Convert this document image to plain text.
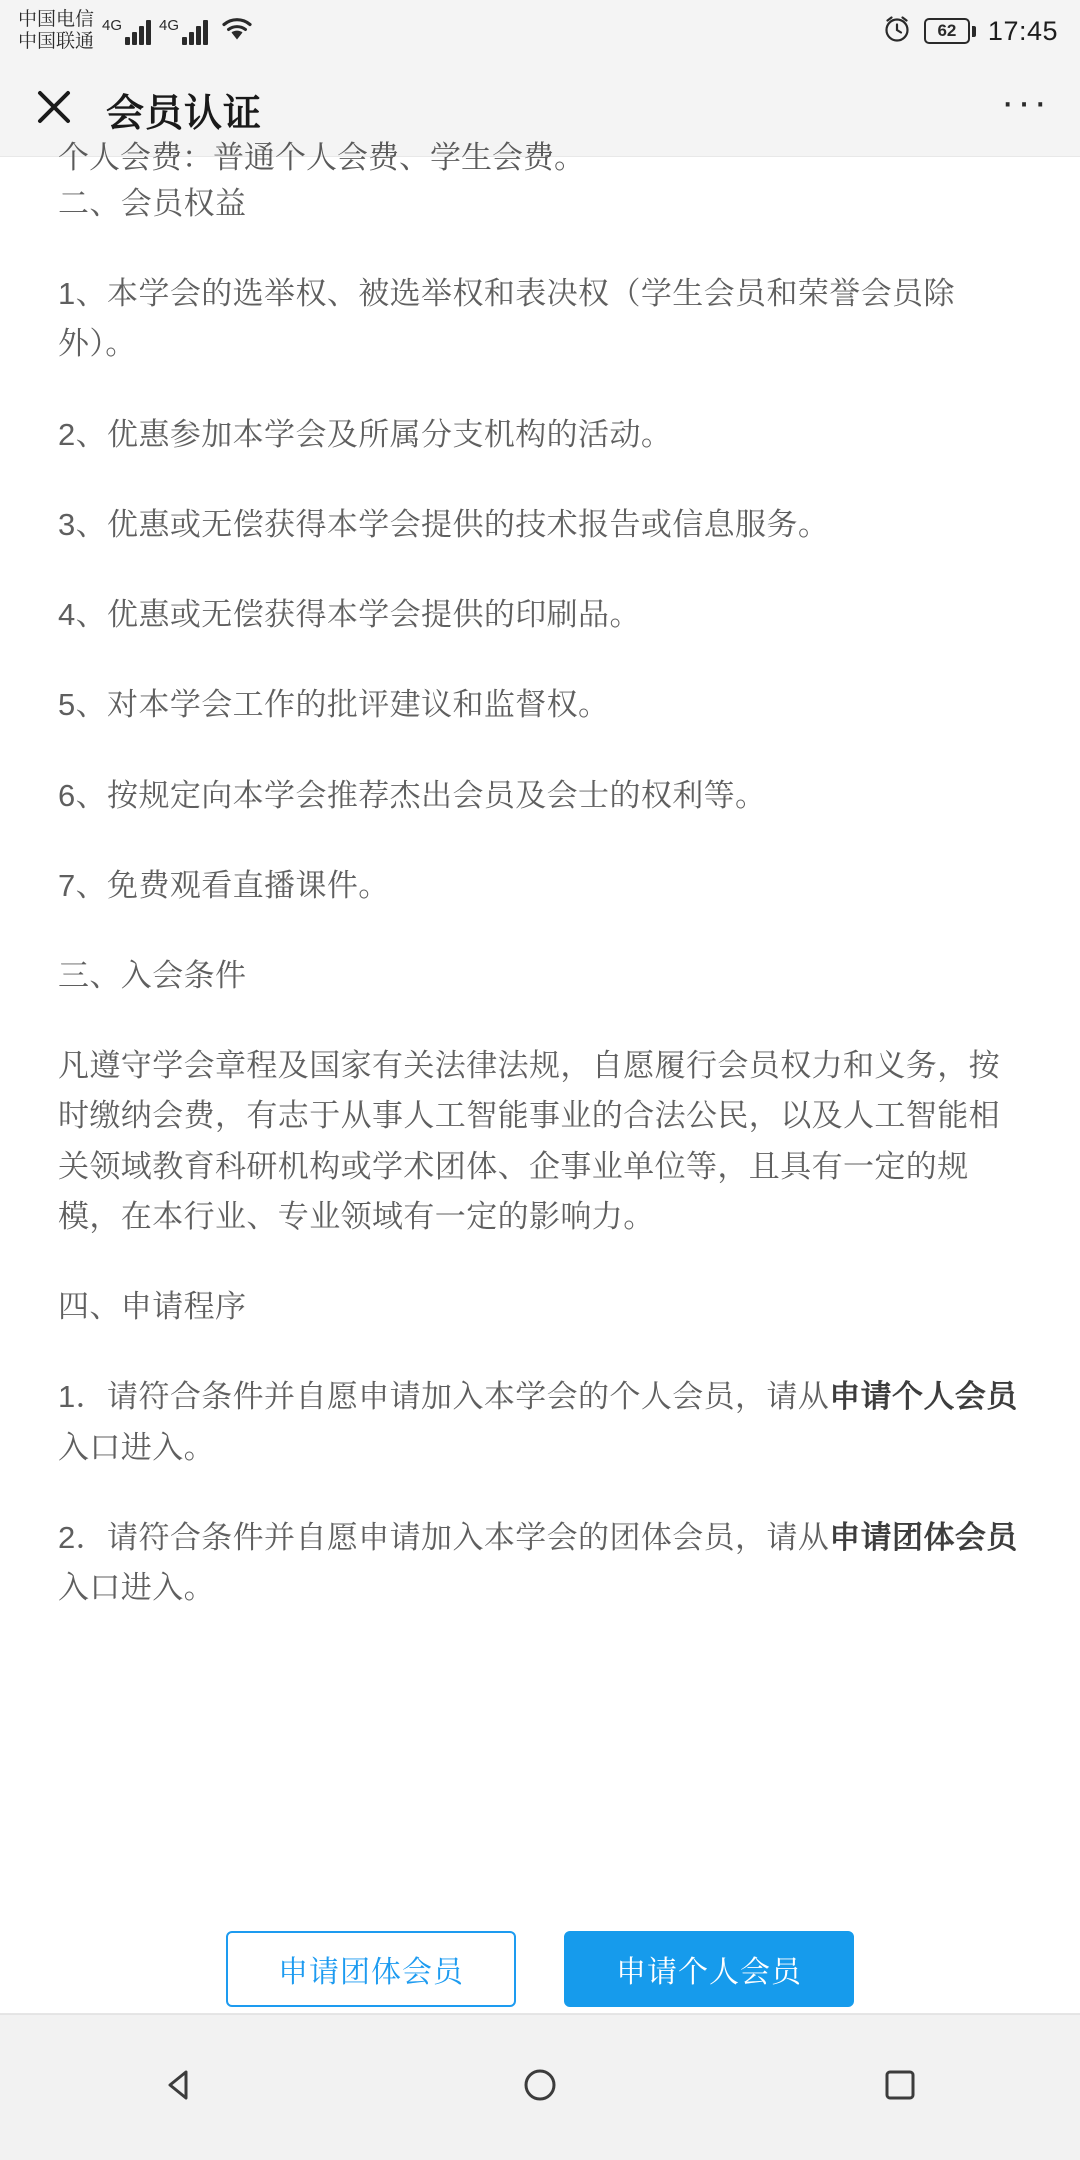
中国电信
中国联通
4G 4G	62	17:45
会员认证	···

个人会费：普通个人会费、学生会费。

二、会员权益

1、本学会的选举权、被选举权和表决权（学生会员和荣誉会员除外）。

2、优惠参加本学会及所属分支机构的活动。

3、优惠或无偿获得本学会提供的技术报告或信息服务。

4、优惠或无偿获得本学会提供的印刷品。

5、对本学会工作的批评建议和监督权。

6、按规定向本学会推荐杰出会员及会士的权利等。

7、免费观看直播课件。

三、入会条件

凡遵守学会章程及国家有关法律法规，自愿履行会员权力和义务，按时缴纳会费，有志于从事人工智能事业的合法公民，以及人工智能相关领域教育科研机构或学术团体、企事业单位等，且具有一定的规模，在本行业、专业领域有一定的影响力。

四、申请程序

1．请符合条件并自愿申请加入本学会的个人会员，请从申请个人会员入口进入。

2．请符合条件并自愿申请加入本学会的团体会员，请从申请团体会员入口进入。

申请团体会员	申请个人会员
